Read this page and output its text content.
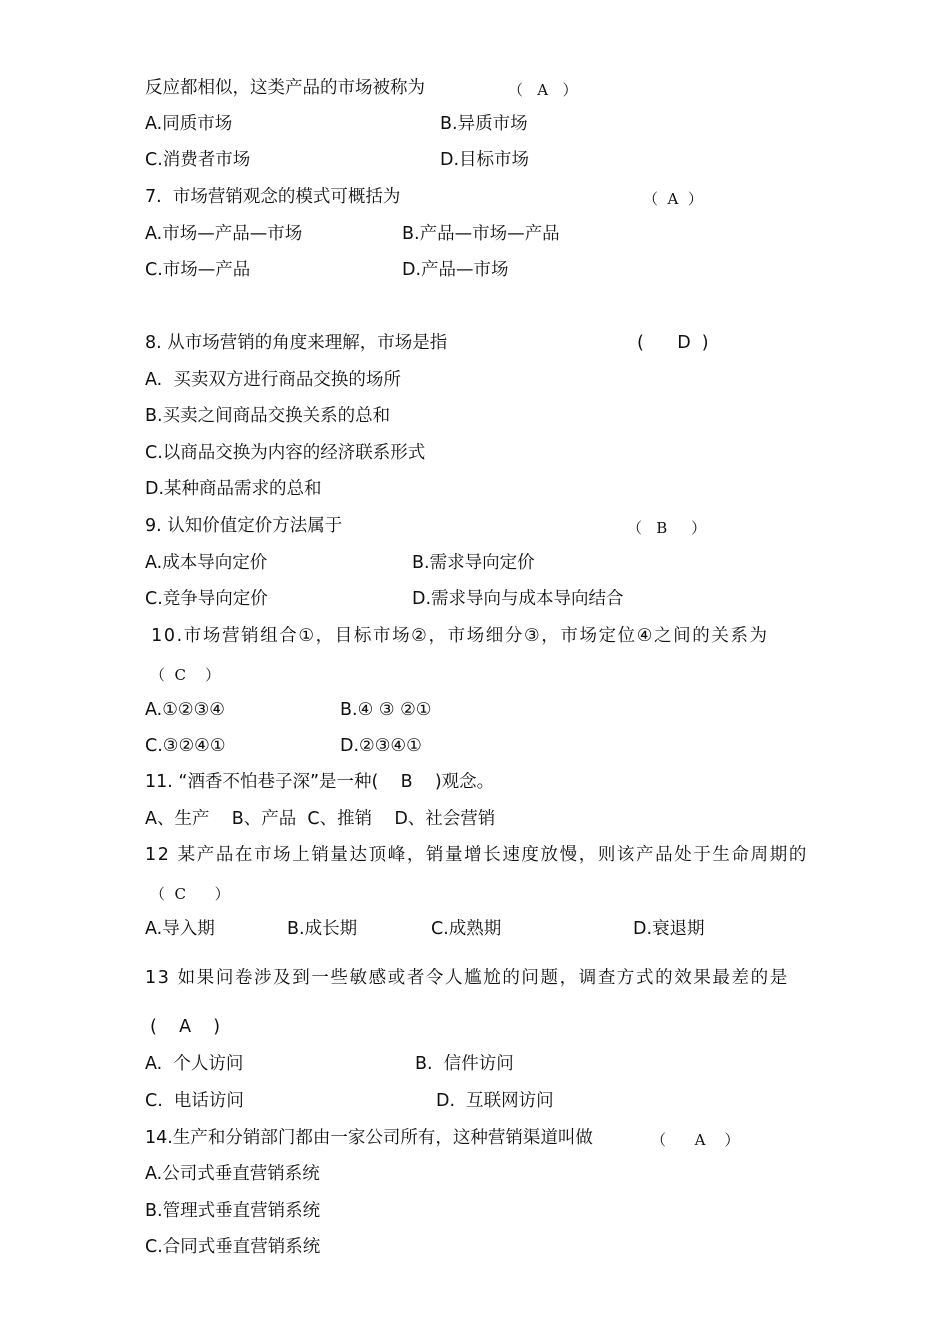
反应都相似，这类产品的市场被称为	（   A   ）
A.同质市场	B.异质市场
C.消费者市场	D.目标市场
7.  市场营销观念的模式可概括为	（  A  ）
A.市场—产品—市场	B.产品—市场—产品
C.市场—产品	D.产品—市场
8. 从市场营销的角度来理解，市场是指	(      D  )
A.  买卖双方进行商品交换的场所
B.买卖之间商品交换关系的总和
C.以商品交换为内容的经济联系形式
D.某种商品需求的总和
9. 认知价值定价方法属于	（   B     ）
A.成本导向定价	B.需求导向定价
C.竞争导向定价	D.需求导向与成本导向结合
10.市场营销组合①，目标市场②，市场细分③，市场定位④之间的关系为
（  C    ）
A.①②③④	B.④ ③ ②①
C.③②④①	D.②③④①
11. “酒香不怕巷子深”是一种(    B    )观念。
A、生产    B、产品  C、推销    D、社会营销
12 某产品在市场上销量达顶峰，销量增长速度放慢，则该产品处于生命周期的
（  C      ）
A.导入期	B.成长期	C.成熟期	D.衰退期
13 如果问卷涉及到一些敏感或者令人尴尬的问题，调查方式的效果最差的是
(    A    )
A.  个人访问	B.  信件访问
C.  电话访问	D.  互联网访问
14.生产和分销部门都由一家公司所有，这种营销渠道叫做	（      A    ）
A.公司式垂直营销系统
B.管理式垂直营销系统
C.合同式垂直营销系统
